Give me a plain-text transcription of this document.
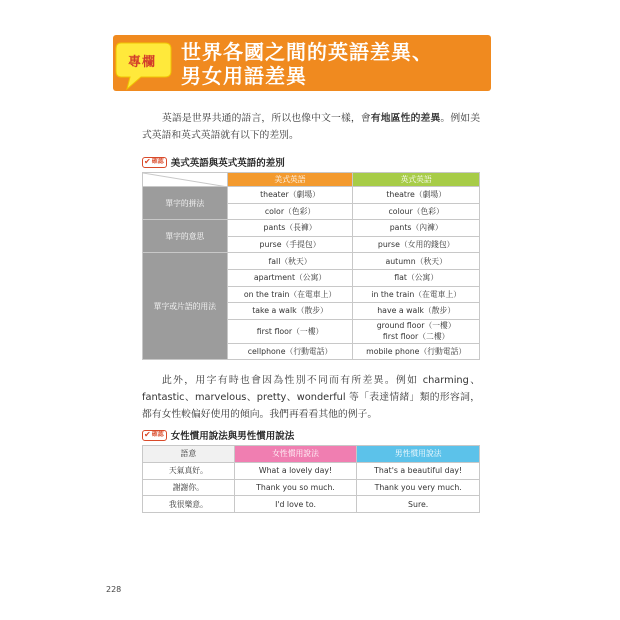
專欄	世界各國之間的英語差異、
男女用語差異
英語是世界共通的語言，所以也像中文一樣，會有地區性的差異。例如美式英語和英式英語就有以下的差別。
✔ 確認 美式英語與英式英語的差別
	美式英語	英式英語
單字的拼法	theater（劇場）	theatre（劇場）
	color（色彩）	colour（色彩）
單字的意思	pants（長褲）	pants（內褲）
	purse（手提包）	purse（女用的錢包）
單字或片語的用法	fall（秋天）	autumn（秋天）
	apartment（公寓）	flat（公寓）
	on the train（在電車上）	in the train（在電車上）
	take a walk（散步）	have a walk（散步）
	first floor（一樓）	ground floor（一樓）
first floor（二樓）

	cellphone（行動電話）	mobile phone（行動電話）
此外，用字有時也會因為性別不同而有所差異。例如 charming、fantastic、marvelous、pretty、wonderful 等「表達情緒」類的形容詞，都有女性較偏好使用的傾向。我們再看看其他的例子。
✔ 確認 女性慣用說法與男性慣用說法
語意	女性慣用說法	男性慣用說法
天氣真好。	What a lovely day!	That's a beautiful day!
謝謝你。	Thank you so much.	Thank you very much.
我很樂意。	I'd love to.	Sure.
228
